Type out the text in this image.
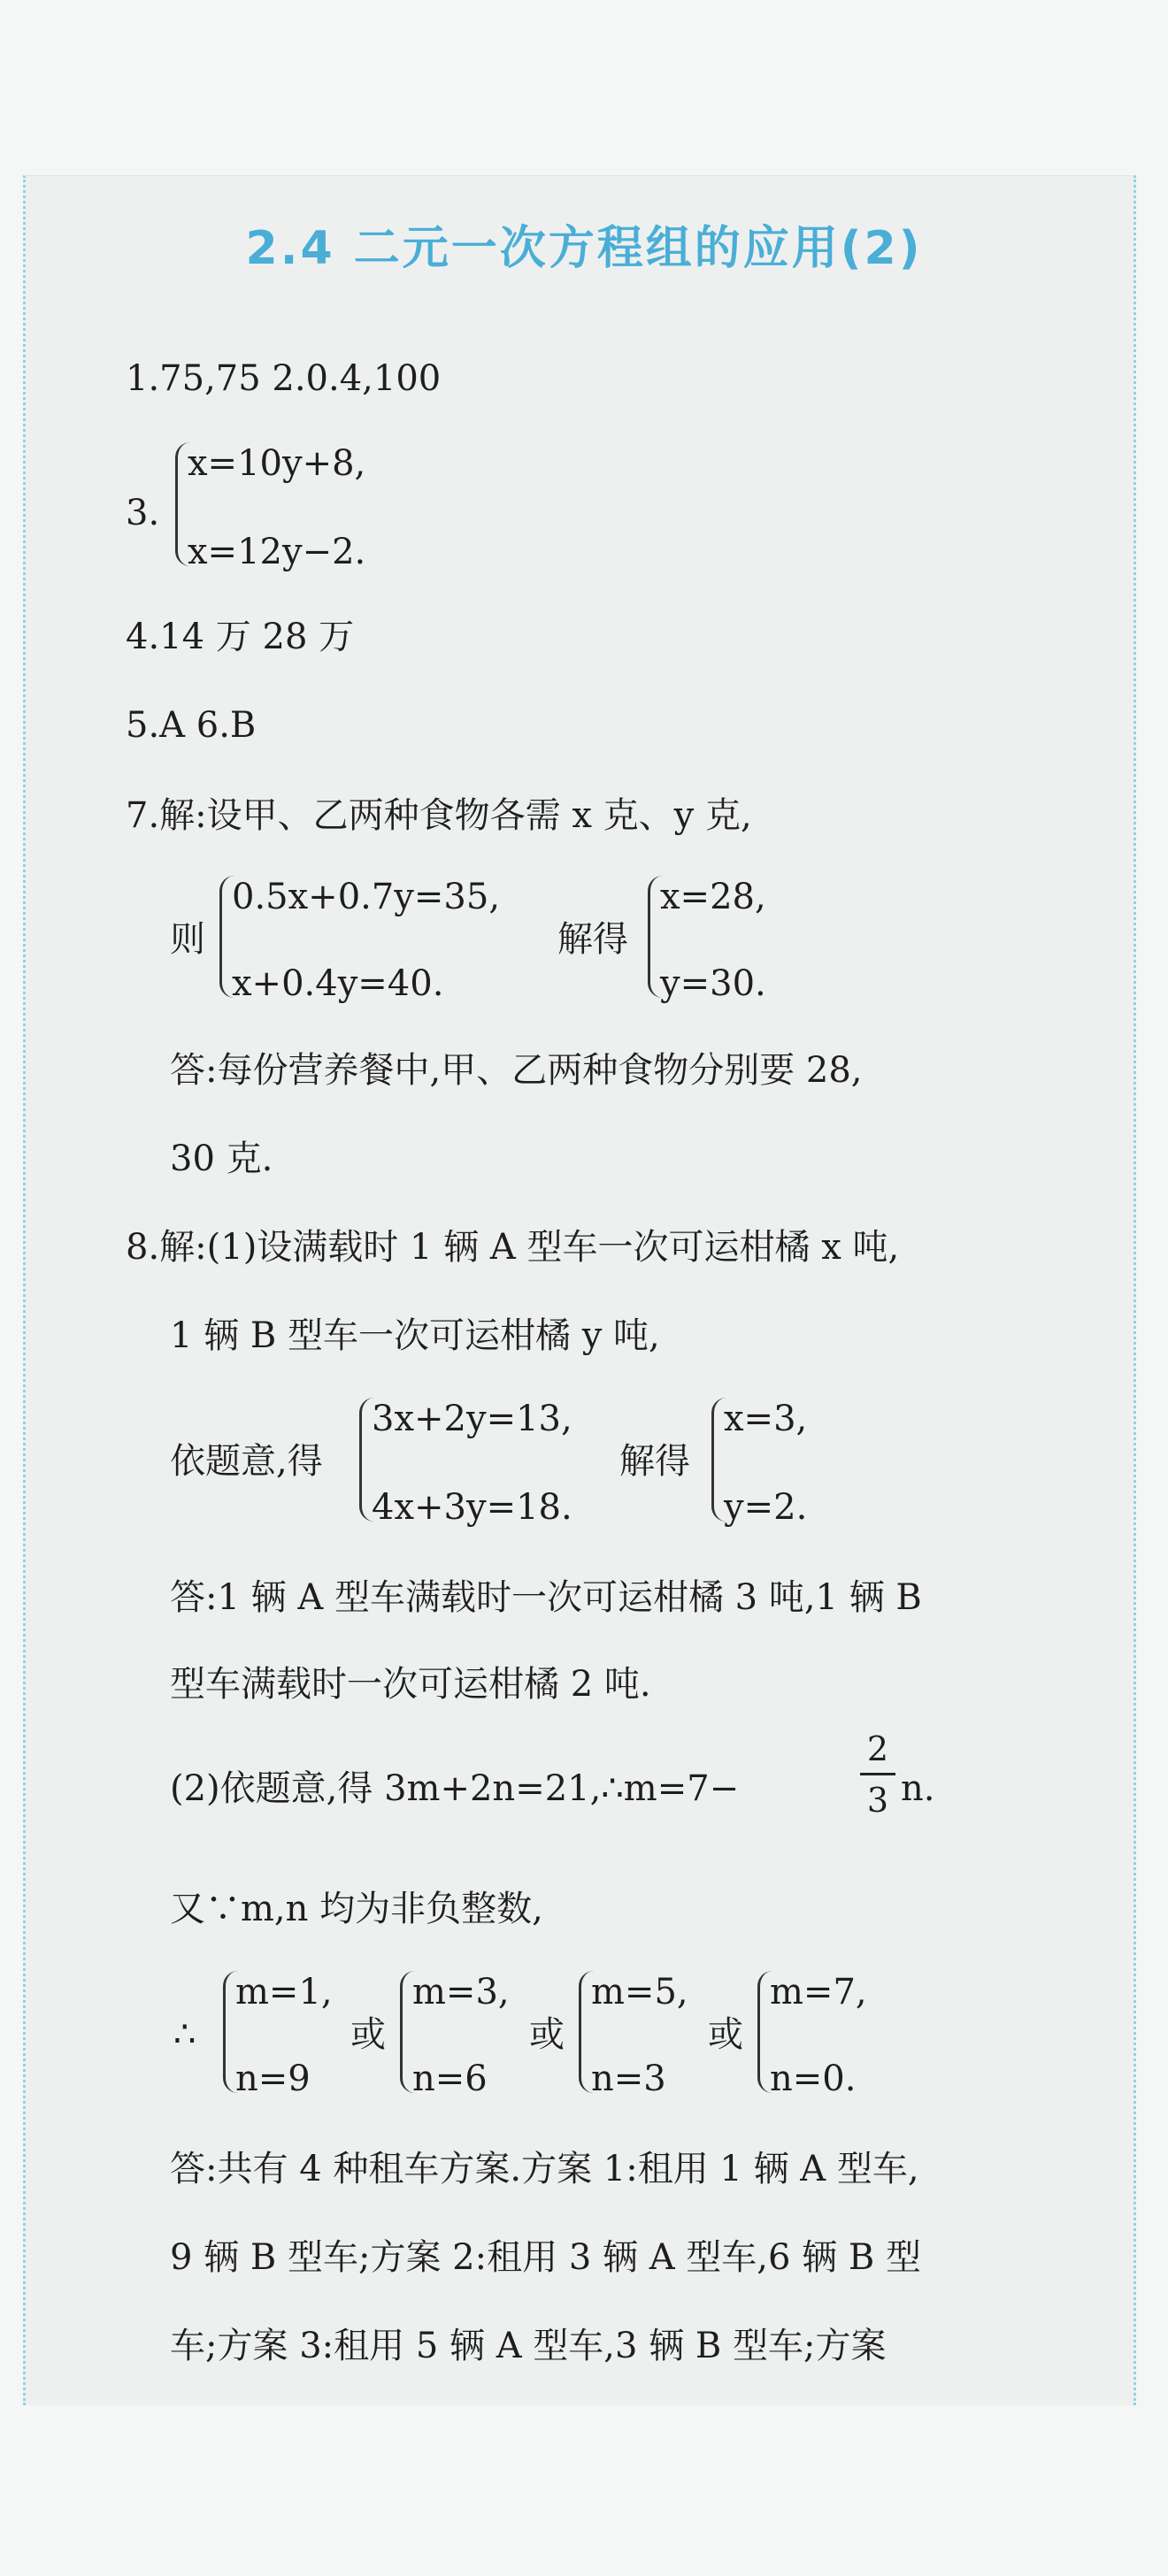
2.4 二元一次方程组的应用(2)
1.75,75 2.0.4,100
3.
x=10y+8,
x=12y−2.
4.14 万 28 万
5.A 6.B
7.解:设甲、乙两种食物各需 x 克、y 克,
则
0.5x+0.7y=35,
x+0.4y=40.
解得
x=28,
y=30.
答:每份营养餐中,甲、乙两种食物分别要 28,
30 克.
8.解:(1)设满载时 1 辆 A 型车一次可运柑橘 x 吨,
1 辆 B 型车一次可运柑橘 y 吨,
依题意,得
3x+2y=13,
4x+3y=18.
解得
x=3,
y=2.
答:1 辆 A 型车满载时一次可运柑橘 3 吨,1 辆 B
型车满载时一次可运柑橘 2 吨.
(2)依题意,得 3m+2n=21,∴m=7−
2
3 n.
又∵m,n 均为非负整数,
∴
m=1,
n=9
或
m=3,
n=6
或
m=5,
n=3
或
m=7,
n=0.
答:共有 4 种租车方案.方案 1:租用 1 辆 A 型车,
9 辆 B 型车;方案 2:租用 3 辆 A 型车,6 辆 B 型
车;方案 3:租用 5 辆 A 型车,3 辆 B 型车;方案
